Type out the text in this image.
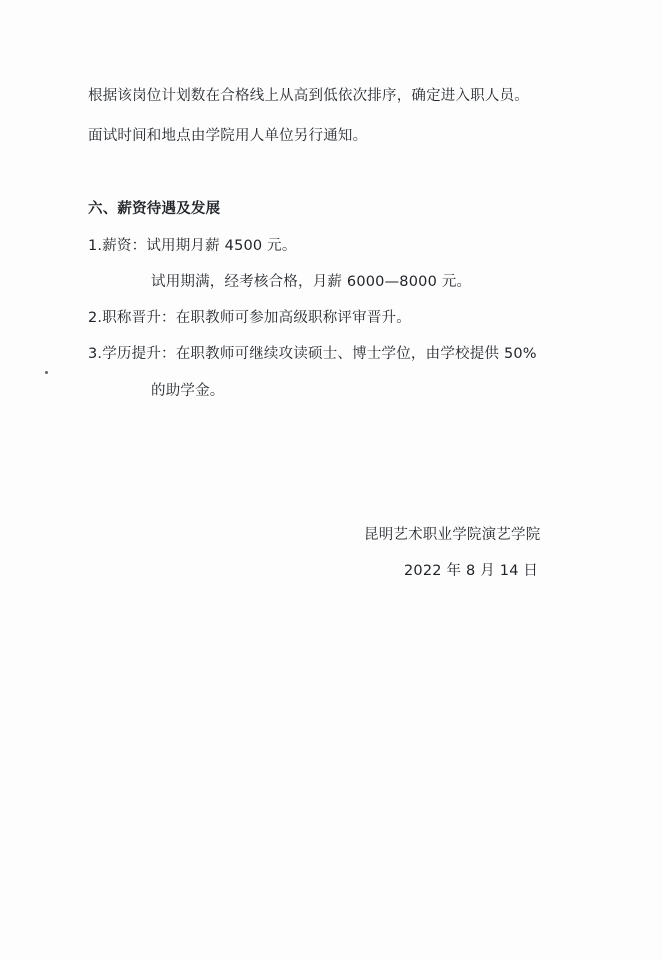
根据该岗位计划数在合格线上从高到低依次排序，确定进入职人员。
面试时间和地点由学院用人单位另行通知。
六、薪资待遇及发展
1.薪资：试用期月薪 4500 元。
试用期满，经考核合格，月薪 6000—8000 元。
2.职称晋升：在职教师可参加高级职称评审晋升。
3.学历提升：在职教师可继续攻读硕士、博士学位，由学校提供 50%
的助学金。
昆明艺术职业学院演艺学院
2022 年 8 月 14 日
